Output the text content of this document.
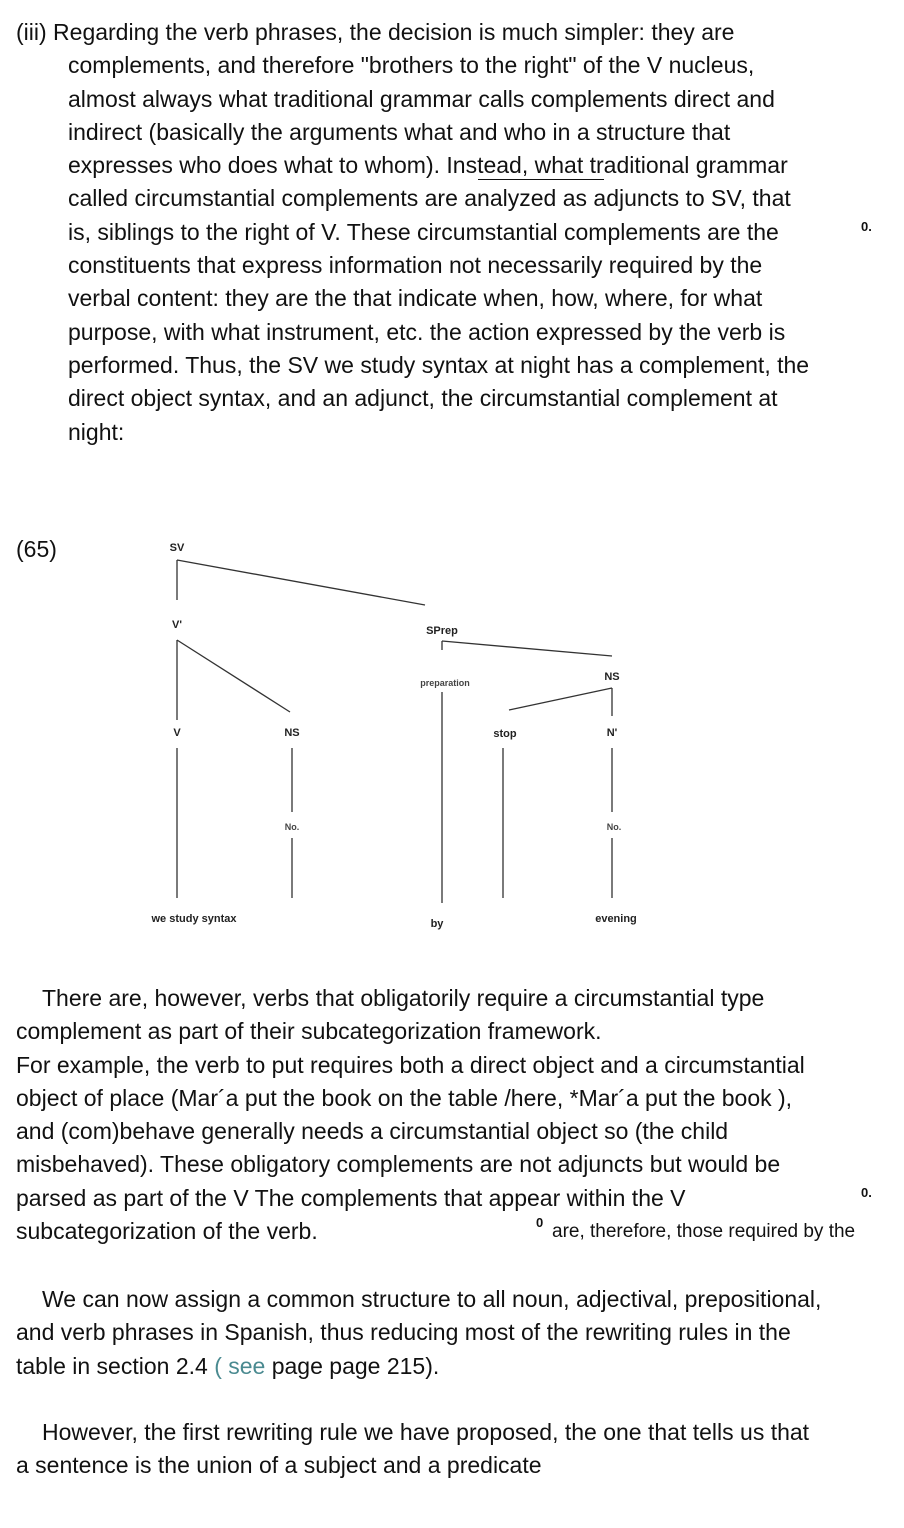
(iii) Regarding the verb phrases, the decision is much simpler: they are
complements, and therefore "brothers to the right" of the V nucleus,
almost always what traditional grammar calls complements direct and
indirect (basically the arguments what and who in a structure that
expresses who does what to whom). Instead, what traditional grammar
called circumstantial complements are analyzed as adjuncts to SV, that
is, siblings to the right of V. These circumstantial complements are the
constituents that express information not necessarily required by the
verbal content: they are the that indicate when, how, where, for what
purpose, with what instrument, etc. the action expressed by the verb is
performed. Thus, the SV we study syntax at night has a complement, the
direct object syntax, and an adjunct, the circumstantial complement at
night:
0.
(65)	SV
V'
V	NS
No.
SPrep
preparation	NS
stop	N'
No.
we study syntax	by	evening
There are, however, verbs that obligatorily require a circumstantial type
complement as part of their subcategorization framework.
For example, the verb to put requires both a direct object and a circumstantial
object of place (Mar´a put the book on the table /here, *Mar´a put the book ),
and (com)behave generally needs a circumstantial object so (the child
misbehaved). These obligatory complements are not adjuncts but would be
parsed as part of the V The complements that appear within the V
subcategorization of the verb.
0.
0 are, therefore, those required by the
We can now assign a common structure to all noun, adjectival, prepositional,
and verb phrases in Spanish, thus reducing most of the rewriting rules in the
table in section 2.4 ( see page page 215).
However, the first rewriting rule we have proposed, the one that tells us that
a sentence is the union of a subject and a predicate
